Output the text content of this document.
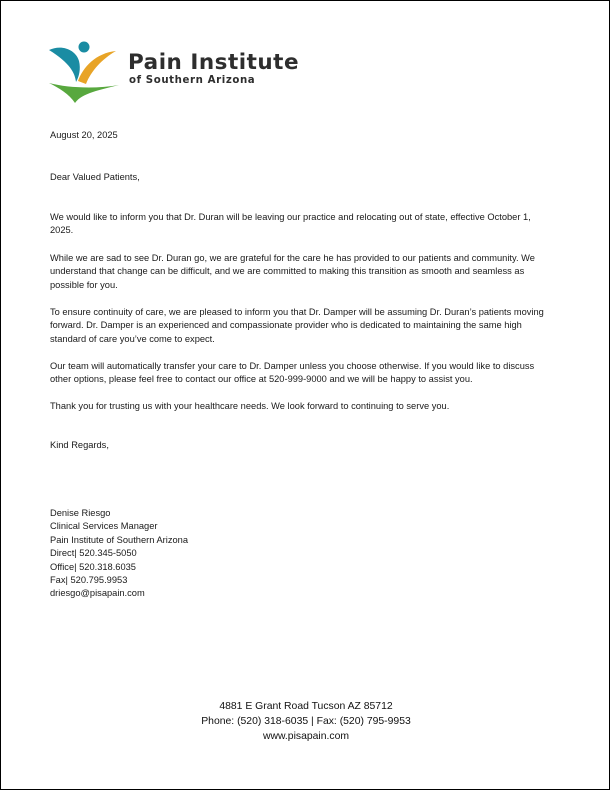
Pain Institute
of Southern Arizona

August 20, 2025

Dear Valued Patients,

We would like to inform you that Dr. Duran will be leaving our practice and relocating out of state, effective October 1, 2025.

While we are sad to see Dr. Duran go, we are grateful for the care he has provided to our patients and community. We understand that change can be difficult, and we are committed to making this transition as smooth and seamless as possible for you.

To ensure continuity of care, we are pleased to inform you that Dr. Damper will be assuming Dr. Duran’s patients moving forward. Dr. Damper is an experienced and compassionate provider who is dedicated to maintaining the same high standard of care you’ve come to expect.

Our team will automatically transfer your care to Dr. Damper unless you choose otherwise. If you would like to discuss other options, please feel free to contact our office at 520-999-9000 and we will be happy to assist you.

Thank you for trusting us with your healthcare needs. We look forward to continuing to serve you.

Kind Regards,

Denise Riesgo
Clinical Services Manager
Pain Institute of Southern Arizona
Direct| 520.345-5050
Office| 520.318.6035
Fax| 520.795.9953
driesgo@pisapain.com
4881 E Grant Road Tucson AZ 85712
Phone: (520) 318-6035 | Fax: (520) 795-9953
www.pisapain.com
